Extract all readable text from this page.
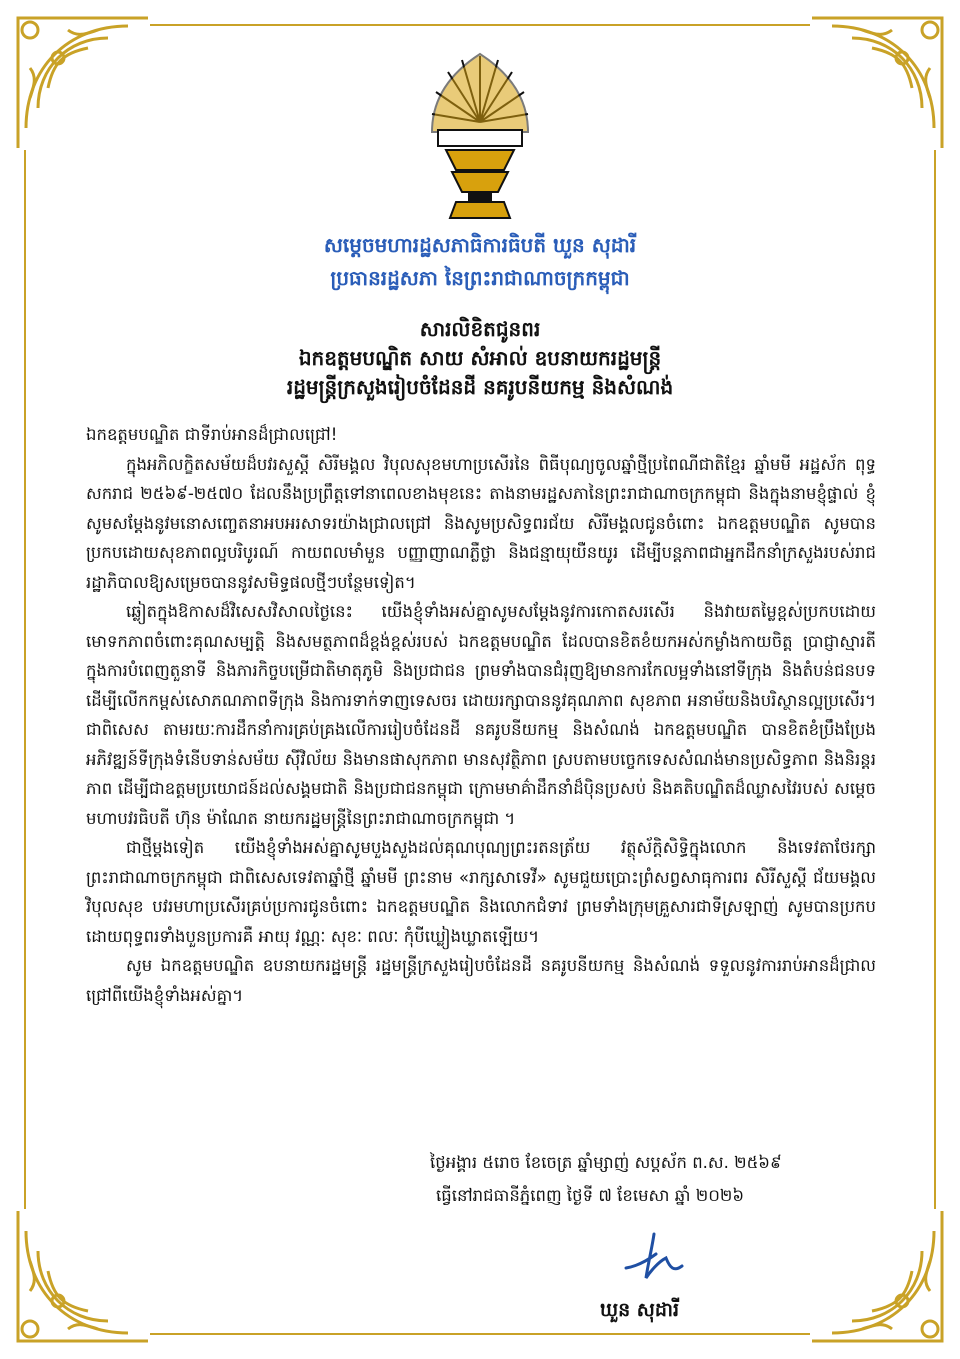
សម្តេចមហារដ្ឋសភាធិការធិបតី ឃួន សុដារី
ប្រធានរដ្ឋសភា នៃព្រះរាជាណាចក្រកម្ពុជា
សារលិខិតជូនពរ
ឯកឧត្តមបណ្ឌិត សាយ សំអាល់ ឧបនាយករដ្ឋមន្រ្តី
រដ្ឋមន្រ្តីក្រសួងរៀបចំដែនដី នគរូបនីយកម្ម និងសំណង់

ឯកឧត្តមបណ្ឌិត ជាទីរាប់អានដ៏ជ្រាលជ្រៅ!

ក្នុងអភិលក្ខិតសម័យដ៏បវរសួស្តី សិរីមង្គល វិបុលសុខមហាប្រសើរនៃ ពិធីបុណ្យចូលឆ្នាំថ្មីប្រពៃណីជាតិខ្មែរ ឆ្នាំមមី អដ្ឋស័ក ពុទ្ធសករាជ ២៥៦៩-២៥៧០ ដែលនឹងប្រព្រឹត្តទៅនាពេលខាងមុខនេះ តាងនាមរដ្ឋសភានៃព្រះរាជាណាចក្រកម្ពុជា និងក្នុងនាមខ្ញុំផ្ទាល់ ខ្ញុំសូមសម្តែងនូវមនោសញ្ចេតនាអបអរសាទរយ៉ាងជ្រាលជ្រៅ និងសូមប្រសិទ្ធពរជ័យ សិរីមង្គលជូនចំពោះ ឯកឧត្តមបណ្ឌិត សូមបានប្រកបដោយសុខភាពល្អបរិបូរណ៍ កាយពលមាំមួន បញ្ញាញាណភ្លឺថ្លា និងជន្មាយុយឺនយូរ ដើម្បីបន្តភាពជាអ្នកដឹកនាំក្រសួងរបស់រាជរដ្ឋាភិបាលឱ្យសម្រេចបាននូវសមិទ្ធផលថ្មីៗបន្ថែមទៀត។

ឆ្លៀតក្នុងឱកាសដ៏វិសេសវិសាលថ្ងៃនេះ យើងខ្ញុំទាំងអស់គ្នាសូមសម្តែងនូវការកោតសរសើរ និងវាយតម្លៃខ្ពស់ប្រកបដោយមោទកភាពចំពោះគុណសម្បត្តិ និងសមត្ថភាពដ៏ខ្ពង់ខ្ពស់របស់ ឯកឧត្តមបណ្ឌិត ដែលបានខិតខំយកអស់កម្លាំងកាយចិត្ត ប្រាជ្ញាស្មារតី ក្នុងការបំពេញតួនាទី និងភារកិច្ចបម្រើជាតិមាតុភូមិ និងប្រជាជន ព្រមទាំងបានជំរុញឱ្យមានការកែលម្អទាំងនៅទីក្រុង និងតំបន់ជនបទ ដើម្បីលើកកម្ពស់សោភណភាពទីក្រុង និងការទាក់ទាញទេសចរ ដោយរក្សាបាននូវគុណភាព សុខភាព អនាម័យនិងបរិស្ថានល្អប្រសើរ។ ជាពិសេស តាមរយៈការដឹកនាំការគ្រប់គ្រងលើការរៀបចំដែនដី នគរូបនីយកម្ម និងសំណង់ ឯកឧត្តមបណ្ឌិត បានខិតខំប្រឹងប្រែងអភិវឌ្ឍន៍ទីក្រុងទំនើបទាន់សម័យ ស៊ីវិល័យ និងមានផាសុកភាព មានសុវត្ថិភាព ស្របតាមបច្ចេកទេសសំណង់មានប្រសិទ្ធភាព និងនិរន្តរភាព ដើម្បីជាឧត្តមប្រយោជន៍ដល់សង្គមជាតិ និងប្រជាជនកម្ពុជា ក្រោមមាគ៌ាដឹកនាំដ៏ប៉ិនប្រសប់ និងគតិបណ្ឌិតដ៏ឈ្លាសវៃរបស់ សម្តេចមហាបវរធិបតី ហ៊ុន ម៉ាណែត នាយករដ្ឋមន្ត្រីនៃព្រះរាជាណាចក្រកម្ពុជា ។

ជាថ្មីម្តងទៀត យើងខ្ញុំទាំងអស់គ្នាសូមបួងសួងដល់គុណបុណ្យព្រះរតនត្រ័យ វត្ថុស័ក្តិសិទ្ធិក្នុងលោក និងទេវតាថែរក្សាព្រះរាជាណាចក្រកម្ពុជា ជាពិសេសទេវតាឆ្នាំថ្មី ឆ្នាំមមី ព្រះនាម «រាក្សសាទេវី» សូមជួយប្រោះព្រំសព្វសាធុការពរ សិរីសួស្តី ជ័យមង្គល វិបុលសុខ បវរមហាប្រសើរគ្រប់ប្រការជូនចំពោះ ឯកឧត្តមបណ្ឌិត និងលោកជំទាវ ព្រមទាំងក្រុមគ្រួសារជាទីស្រឡាញ់ សូមបានប្រកបដោយពុទ្ធពរទាំងបួនប្រការគឺ អាយុ វណ្ណៈ សុខៈ ពលៈ កុំបីឃ្លៀងឃ្លាតឡើយ។

សូម ឯកឧត្តមបណ្ឌិត ឧបនាយករដ្ឋមន្ត្រី រដ្ឋមន្ត្រីក្រសួងរៀបចំដែនដី នគរូបនីយកម្ម និងសំណង់ ទទួលនូវការរាប់អានដ៏ជ្រាលជ្រៅពីយើងខ្ញុំទាំងអស់គ្នា។

ថ្ងៃអង្គារ ៥រោច ខែចេត្រ ឆ្នាំម្សាញ់ សប្តស័ក ព.ស. ២៥៦៩
ធ្វើនៅរាជធានីភ្នំពេញ ថ្ងៃទី ៧ ខែមេសា ឆ្នាំ ២០២៦
ឃួន សុដារី
